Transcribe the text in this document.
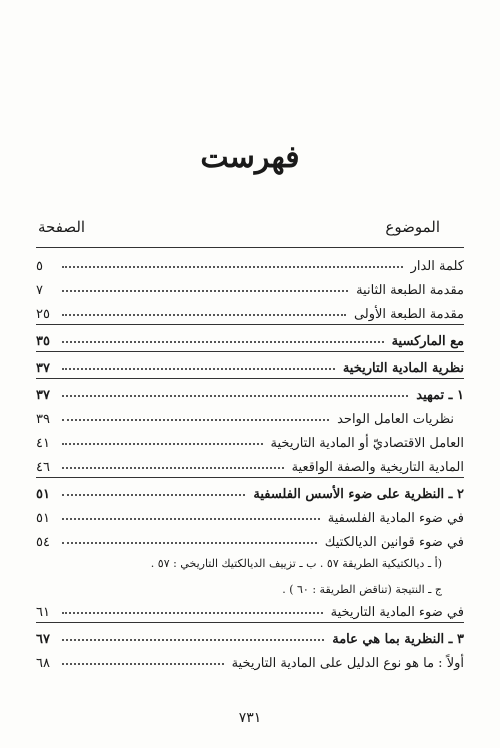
فهرست
الموضوع
الصفحة
كلمة الدار
٥
مقدمة الطبعة الثانية
٧
مقدمة الطبعة الأولى
٢٥
مع الماركسية
٣٥
نظرية المادية التاريخية
٣٧
١ ـ تمهيد
٣٧
نظريات العامل الواحد
٣٩
العامل الاقتصاديّ أو المادية التاريخية
٤١
المادية التاريخية والصفة الواقعية
٤٦
٢ ـ النظرية على ضوء الأسس الفلسفية
٥١
في ضوء المادية الفلسفية
٥١
في ضوء قوانين الديالكتيك
٥٤
(أ ـ ديالكتيكية الطريقة ٥٧ . ب ـ تزييف الديالكتيك التاريخي : ٥٧ .
ج ـ النتيجة (تناقض الطريقة : ٦٠ ) .
في ضوء المادية التاريخية
٦١
٣ ـ النظرية بما هي عامة
٦٧
أولاً : ما هو نوع الدليل على المادية التاريخية
٦٨
٧٣١
